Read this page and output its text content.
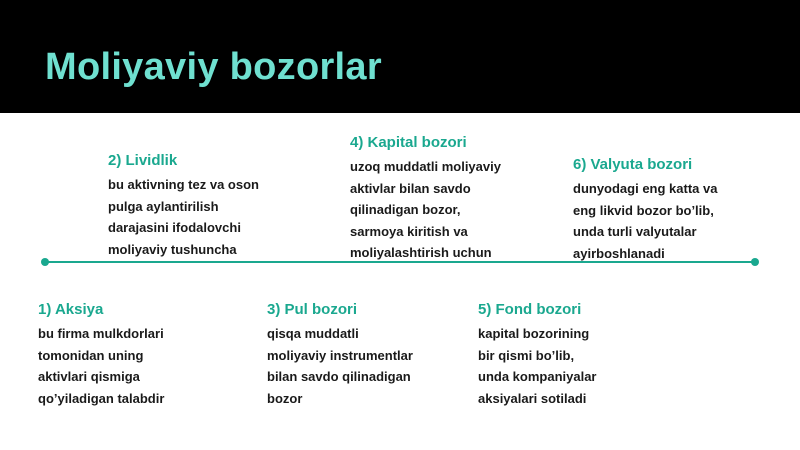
Moliyaviy bozorlar
1) Aksiya
bu firma mulkdorlari
tomonidan uning
aktivlari qismiga
qo’yiladigan talabdir
2) Lividlik
bu aktivning tez va oson
pulga aylantirilish
darajasini ifodalovchi
moliyaviy tushuncha
3) Pul bozori
qisqa muddatli
moliyaviy instrumentlar
bilan savdo qilinadigan
bozor
4) Kapital bozori
uzoq muddatli moliyaviy
aktivlar bilan savdo
qilinadigan bozor,
sarmoya kiritish va
moliyalashtirish uchun
5) Fond bozori
kapital bozorining
bir qismi bo’lib,
unda kompaniyalar
aksiyalari sotiladi
6) Valyuta bozori
dunyodagi eng katta va
eng likvid bozor bo’lib,
unda turli valyutalar
ayirboshlanadi
